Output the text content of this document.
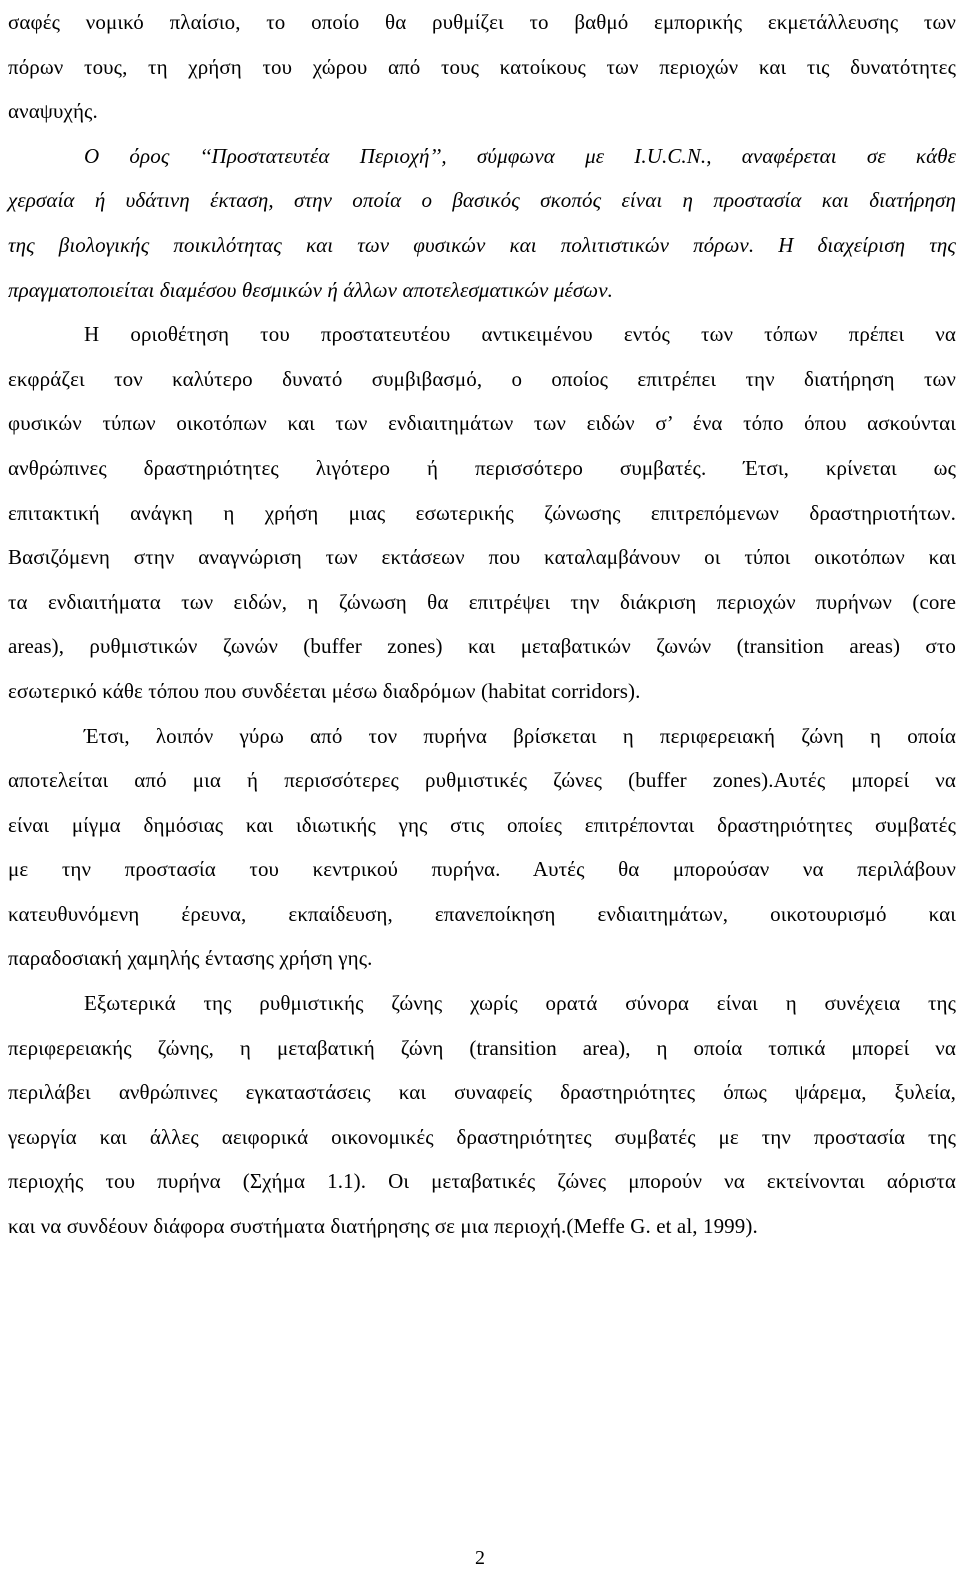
σαφές νομικό πλαίσιο, το οποίο θα ρυθμίζει το βαθμό εμπορικής εκμετάλλευσης των
πόρων τους, τη χρήση του χώρου από τους κατοίκους των περιοχών και τις δυνατότητες
αναψυχής.
Ο όρος ‘‘Προστατευτέα Περιοχή’’, σύμφωνα με I.U.C.N., αναφέρεται σε κάθε
χερσαία ή υδάτινη έκταση, στην οποία ο βασικός σκοπός είναι η προστασία και διατήρηση
της βιολογικής ποικιλότητας και των φυσικών και πολιτιστικών πόρων. Η διαχείριση της
πραγματοποιείται διαμέσου θεσμικών ή άλλων αποτελεσματικών μέσων.
Η οριοθέτηση του προστατευτέου αντικειμένου εντός των τόπων πρέπει να
εκφράζει τον καλύτερο δυνατό συμβιβασμό, ο οποίος επιτρέπει την διατήρηση των
φυσικών τύπων οικοτόπων και των ενδιαιτημάτων των ειδών σ’ ένα τόπο όπου ασκούνται
ανθρώπινες δραστηριότητες λιγότερο ή περισσότερο συμβατές. Έτσι, κρίνεται ως
επιτακτική ανάγκη η χρήση μιας εσωτερικής ζώνωσης επιτρεπόμενων δραστηριοτήτων.
Βασιζόμενη στην αναγνώριση των εκτάσεων που καταλαμβάνουν οι τύποι οικοτόπων και
τα ενδιαιτήματα των ειδών, η ζώνωση θα επιτρέψει την διάκριση περιοχών πυρήνων (core
areas), ρυθμιστικών ζωνών (buffer zones) και μεταβατικών ζωνών (transition areas) στο
εσωτερικό κάθε τόπου που συνδέεται μέσω διαδρόμων (habitat corridors).
Έτσι, λοιπόν γύρω από τον πυρήνα βρίσκεται η περιφερειακή ζώνη η οποία
αποτελείται από μια ή περισσότερες ρυθμιστικές ζώνες (buffer zones).Αυτές μπορεί να
είναι μίγμα δημόσιας και ιδιωτικής γης στις οποίες επιτρέπονται δραστηριότητες συμβατές
με την προστασία του κεντρικού πυρήνα. Αυτές θα μπορούσαν να περιλάβουν
κατευθυνόμενη έρευνα, εκπαίδευση, επανεποίκηση ενδιαιτημάτων, οικοτουρισμό και
παραδοσιακή χαμηλής έντασης χρήση γης.
Εξωτερικά της ρυθμιστικής ζώνης χωρίς ορατά σύνορα είναι η συνέχεια της
περιφερειακής ζώνης, η μεταβατική ζώνη (transition area), η οποία τοπικά μπορεί να
περιλάβει ανθρώπινες εγκαταστάσεις και συναφείς δραστηριότητες όπως ψάρεμα, ξυλεία,
γεωργία και άλλες αειφορικά οικονομικές δραστηριότητες συμβατές με την προστασία της
περιοχής του πυρήνα (Σχήμα 1.1). Οι μεταβατικές ζώνες μπορούν να εκτείνονται αόριστα
και να συνδέουν διάφορα συστήματα διατήρησης σε μια περιοχή.(Meffe G. et al, 1999).
2
